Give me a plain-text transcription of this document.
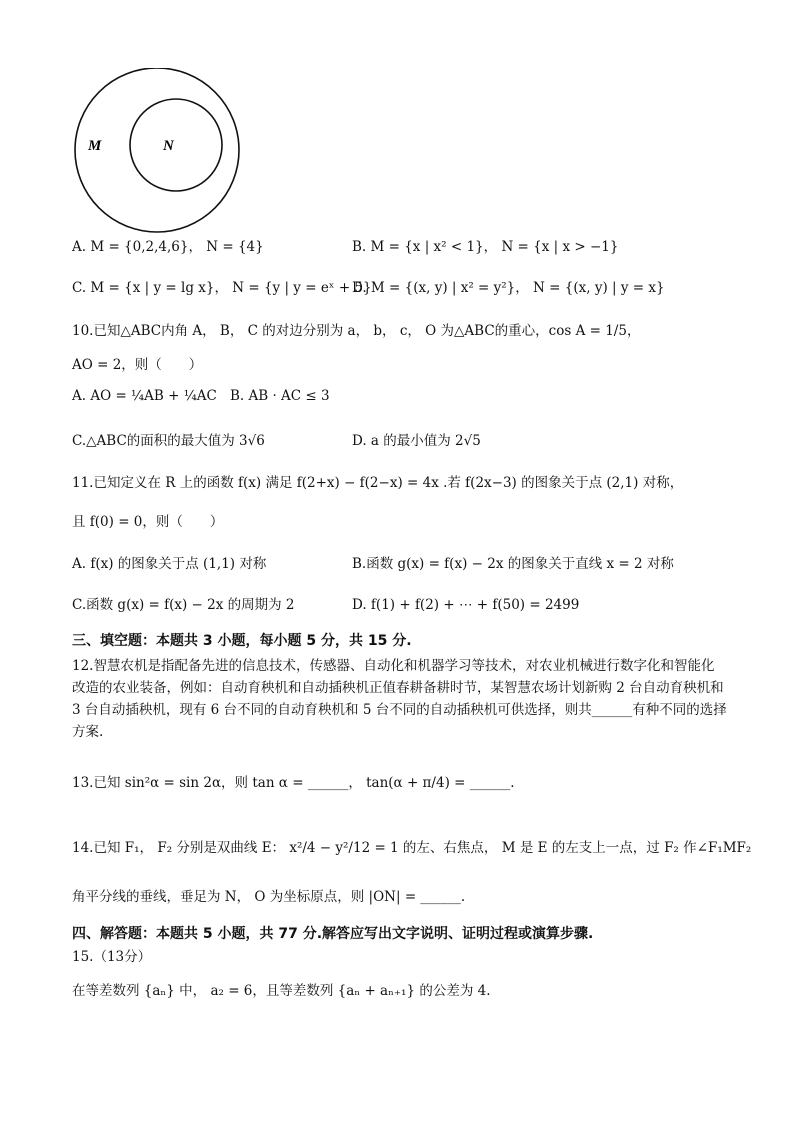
M	N
A. M = {0,2,4,6}， N = {4}	B. M = {x | x² < 1}， N = {x | x > −1}
C. M = {x | y = lg x}， N = {y | y = eˣ + 5}
D. M = {(x, y) | x² = y²}， N = {(x, y) | y = x}
10.已知△ABC内角 A， B， C 的对边分别为 a， b， c， O 为△ABC的重心，cos A = 1/5，
AO = 2，则（　　）
A. AO = ¼AB + ¼AC B. AB · AC ≤ 3
C.△ABC的面积的最大值为 3√6	D. a 的最小值为 2√5
11.已知定义在 R 上的函数 f(x) 满足 f(2+x) − f(2−x) = 4x .若 f(2x−3) 的图象关于点 (2,1) 对称，
且 f(0) = 0，则（　　）
A. f(x) 的图象关于点 (1,1) 对称	B.函数 g(x) = f(x) − 2x 的图象关于直线 x = 2 对称
C.函数 g(x) = f(x) − 2x 的周期为 2	D. f(1) + f(2) + ⋯ + f(50) = 2499
三、填空题：本题共 3 小题，每小题 5 分，共 15 分.
12.智慧农机是指配备先进的信息技术，传感器、自动化和机器学习等技术，对农业机械进行数字化和智能化改造的农业装备，例如：自动育秧机和自动插秧机正值春耕备耕时节，某智慧农场计划新购 2 台自动育秧机和 3 台自动插秧机，现有 6 台不同的自动育秧机和 5 台不同的自动插秧机可供选择，则共______有种不同的选择方案.
13.已知 sin²α = sin 2α，则 tan α = ______， tan(α + π/4) = ______.
14.已知 F₁， F₂ 分别是双曲线 E： x²/4 − y²/12 = 1 的左、右焦点， M 是 E 的左支上一点，过 F₂ 作∠F₁MF₂
角平分线的垂线，垂足为 N， O 为坐标原点，则 |ON| = ______.
四、解答题：本题共 5 小题，共 77 分.解答应写出文字说明、证明过程或演算步骤.
15.（13分）
在等差数列 {aₙ} 中， a₂ = 6，且等差数列 {aₙ + aₙ₊₁} 的公差为 4.
